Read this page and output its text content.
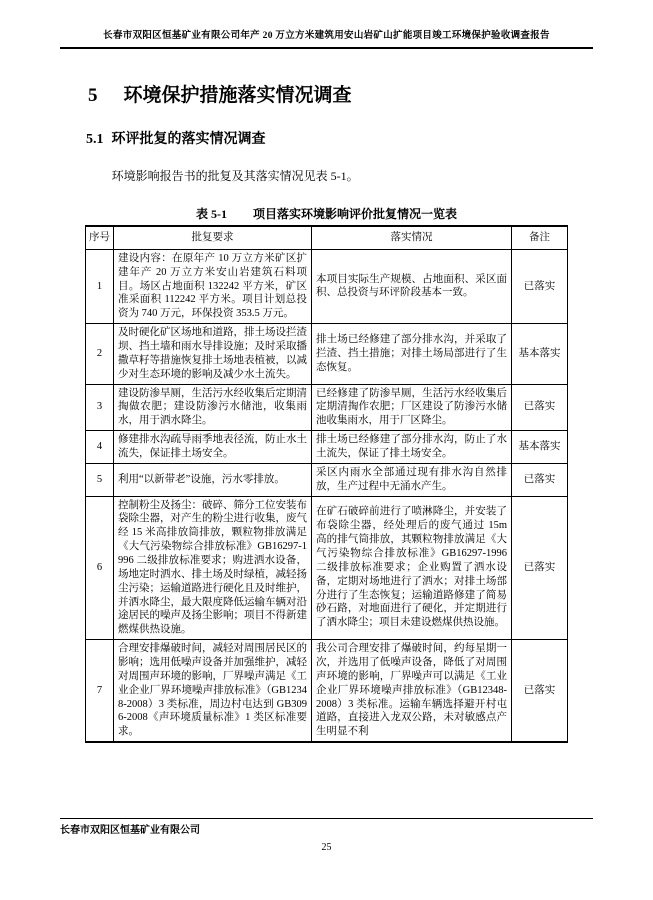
长春市双阳区恒基矿业有限公司年产 20 万立方米建筑用安山岩矿山扩能项目竣工环境保护验收调查报告
5 环境保护措施落实情况调查
5.1 环评批复的落实情况调查

环境影响报告书的批复及其落实情况见表 5-1。

表 5-1 项目落实环境影响评价批复情况一览表
序号	批复要求	落实情况	备注
1	建设内容：在原年产 10 万立方米矿区扩建年产 20 万立方米安山岩建筑石料项目。场区占地面积 132242 平方米，矿区准采面积 112242 平方米。项目计划总投资为 740 万元，环保投资 353.5 万元。	本项目实际生产规模、占地面积、采区面积、总投资与环评阶段基本一致。	已落实
2	及时硬化矿区场地和道路，排土场设拦渣坝、挡土墙和雨水导排设施；及时采取播撒草籽等措施恢复排土场地表植被，以减少对生态环境的影响及减少水土流失。	排土场已经修建了部分排水沟，并采取了拦渣、挡土措施；对排土场局部进行了生态恢复。	基本落实
3	建设防渗旱厕，生活污水经收集后定期清掏做农肥；建设防渗污水储池，收集雨水，用于洒水降尘。	已经修建了防渗旱厕，生活污水经收集后定期清掏作农肥；厂区建设了防渗污水储池收集雨水，用于厂区降尘。	已落实
4	修建排水沟疏导雨季地表径流，防止水土流失，保证排土场安全。	排土场已经修建了部分排水沟，防止了水土流失，保证了排土场安全。	基本落实
5	利用“以新带老”设施，污水零排放。	采区内雨水全部通过现有排水沟自然排放，生产过程中无涌水产生。	已落实
6	控制粉尘及扬尘：破碎、筛分工位安装布袋除尘器，对产生的粉尘进行收集，废气经 15 米高排放筒排放，颗粒物排放满足《大气污染物综合排放标准》GB16297-1996 二级排放标准要求；购进洒水设备，场地定时洒水、排土场及时绿植，减轻扬尘污染；运输道路进行硬化且及时维护，并洒水降尘，最大限度降低运输车辆对沿途居民的噪声及扬尘影响；项目不得新建燃煤供热设施。	在矿石破碎前进行了喷淋降尘，并安装了布袋除尘器，经处理后的废气通过 15m 高的排气筒排放，其颗粒物排放满足《大气污染物综合排放标准》GB16297-1996 二级排放标准要求；企业购置了洒水设备，定期对场地进行了洒水；对排土场部分进行了生态恢复；运输道路修建了简易砂石路，对地面进行了硬化，并定期进行了洒水降尘；项目未建设燃煤供热设施。	已落实
7	合理安排爆破时间，减轻对周围居民区的影响；选用低噪声设备并加强维护，减轻对周围声环境的影响，厂界噪声满足《工业企业厂界环境噪声排放标准》（GB12348-2008）3 类标准，周边村屯达到 GB3096-2008《声环境质量标准》1 类区标准要求。	我公司合理安排了爆破时间，约每星期一次，并选用了低噪声设备，降低了对周围声环境的影响，厂界噪声可以满足《工业企业厂界环境噪声排放标准》（GB12348-2008）3 类标准。运输车辆选择避开村屯道路，直接进入龙双公路，未对敏感点产生明显不利	已落实
长春市双阳区恒基矿业有限公司
25
